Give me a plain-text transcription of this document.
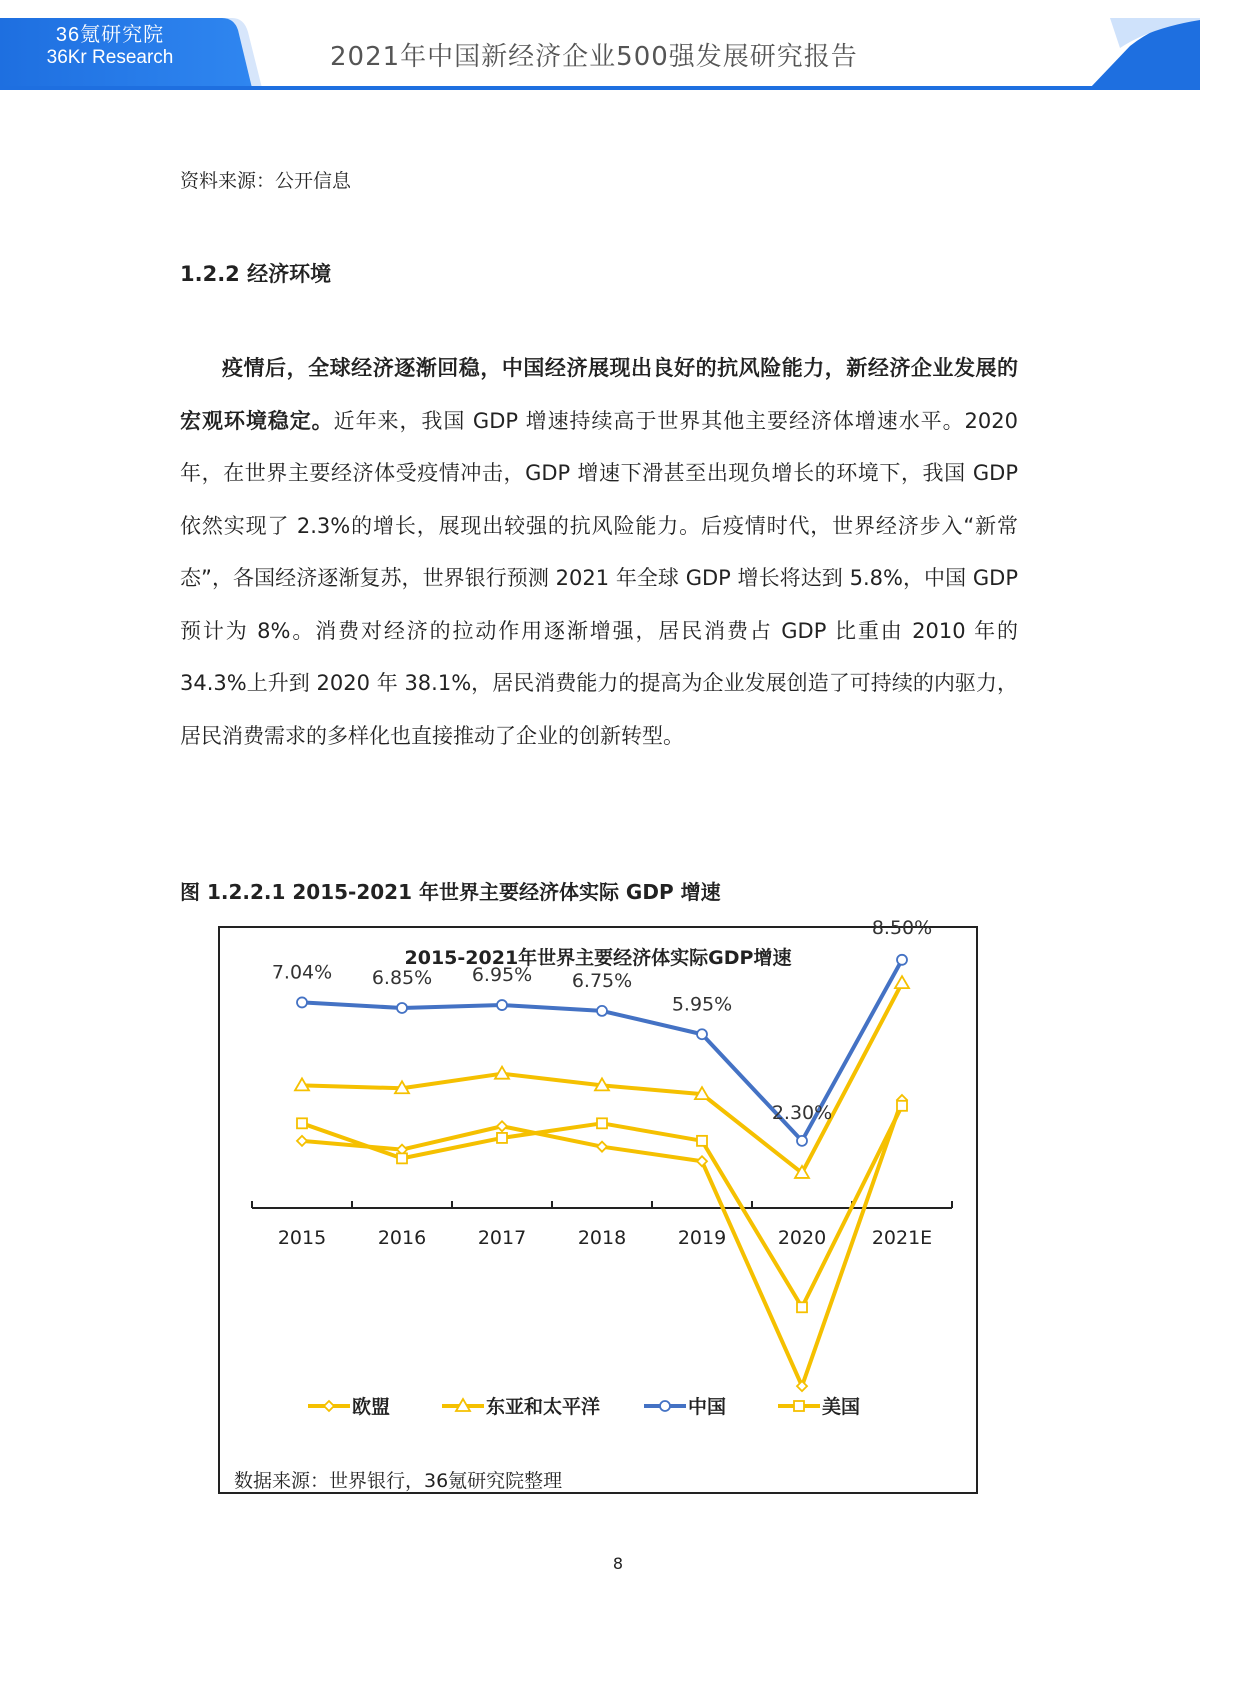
36氪研究院
36Kr Research	2021年中国新经济企业500强发展研究报告
资料来源：公开信息
1.2.2 经济环境
疫情后，全球经济逐渐回稳，中国经济展现出良好的抗风险能力，新经济企业发展的宏观环境稳定。近年来，我国 GDP 增速持续高于世界其他主要经济体增速水平。2020 年，在世界主要经济体受疫情冲击，GDP 增速下滑甚至出现负增长的环境下，我国 GDP 依然实现了 2.3%的增长，展现出较强的抗风险能力。后疫情时代，世界经济步入“新常态”，各国经济逐渐复苏，世界银行预测 2021 年全球 GDP 增长将达到 5.8%，中国 GDP 预计为 8%。消费对经济的拉动作用逐渐增强，居民消费占 GDP 比重由 2010 年的 34.3%上升到 2020 年 38.1%，居民消费能力的提高为企业发展创造了可持续的内驱力，居民消费需求的多样化也直接推动了企业的创新转型。
图 1.2.2.1 2015-2021 年世界主要经济体实际 GDP 增速
2015-2021年世界主要经济体实际GDP增速
2015	2016	2017	2018	2019	2020 2021E
7.04% 6.85% 6.95% 6.75%
5.95%
2.30%
8.50%
欧盟	东亚和太平洋	中国	美国
数据来源：世界银行，36氪研究院整理
8
